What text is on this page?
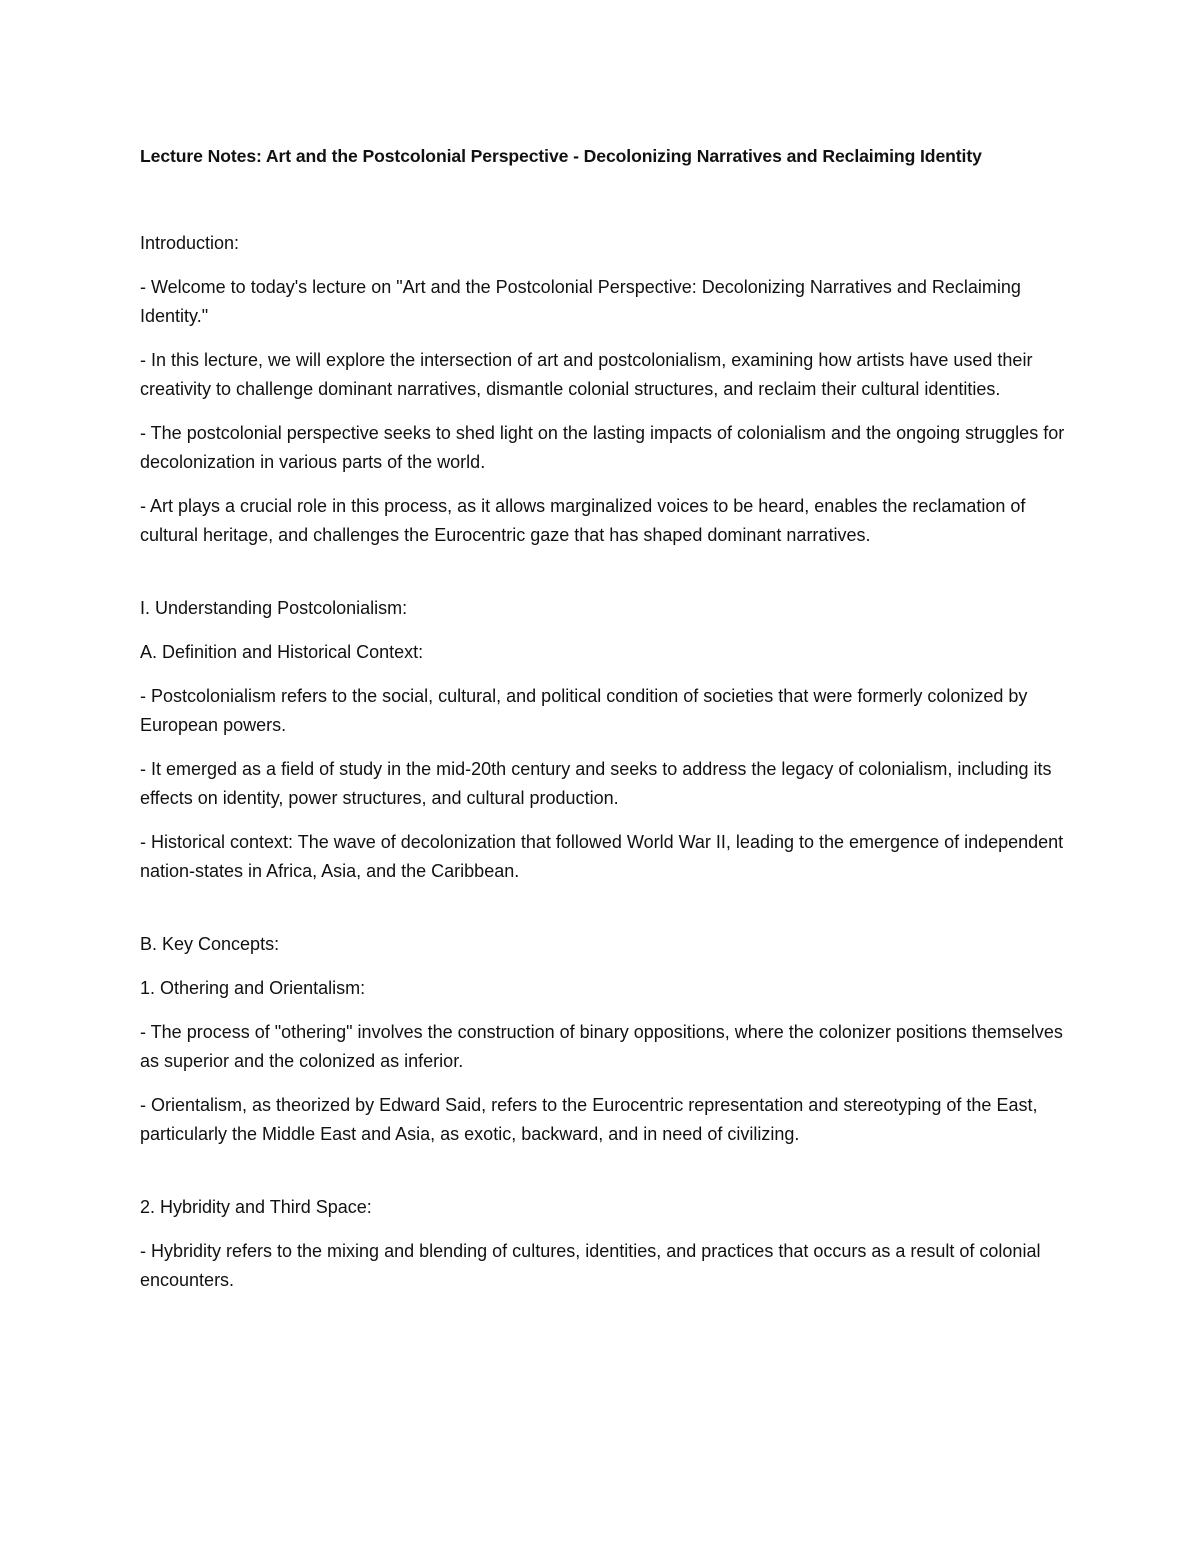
Lecture Notes: Art and the Postcolonial Perspective - Decolonizing Narratives and Reclaiming Identity

Introduction:

- Welcome to today's lecture on "Art and the Postcolonial Perspective: Decolonizing Narratives and Reclaiming Identity."

- In this lecture, we will explore the intersection of art and postcolonialism, examining how artists have used their creativity to challenge dominant narratives, dismantle colonial structures, and reclaim their cultural identities.

- The postcolonial perspective seeks to shed light on the lasting impacts of colonialism and the ongoing struggles for decolonization in various parts of the world.

- Art plays a crucial role in this process, as it allows marginalized voices to be heard, enables the reclamation of cultural heritage, and challenges the Eurocentric gaze that has shaped dominant narratives.

I. Understanding Postcolonialism:

A. Definition and Historical Context:

- Postcolonialism refers to the social, cultural, and political condition of societies that were formerly colonized by European powers.

- It emerged as a field of study in the mid-20th century and seeks to address the legacy of colonialism, including its effects on identity, power structures, and cultural production.

- Historical context: The wave of decolonization that followed World War II, leading to the emergence of independent nation-states in Africa, Asia, and the Caribbean.

B. Key Concepts:

1. Othering and Orientalism:

- The process of "othering" involves the construction of binary oppositions, where the colonizer positions themselves as superior and the colonized as inferior.

- Orientalism, as theorized by Edward Said, refers to the Eurocentric representation and stereotyping of the East, particularly the Middle East and Asia, as exotic, backward, and in need of civilizing.

2. Hybridity and Third Space:

- Hybridity refers to the mixing and blending of cultures, identities, and practices that occurs as a result of colonial encounters.
